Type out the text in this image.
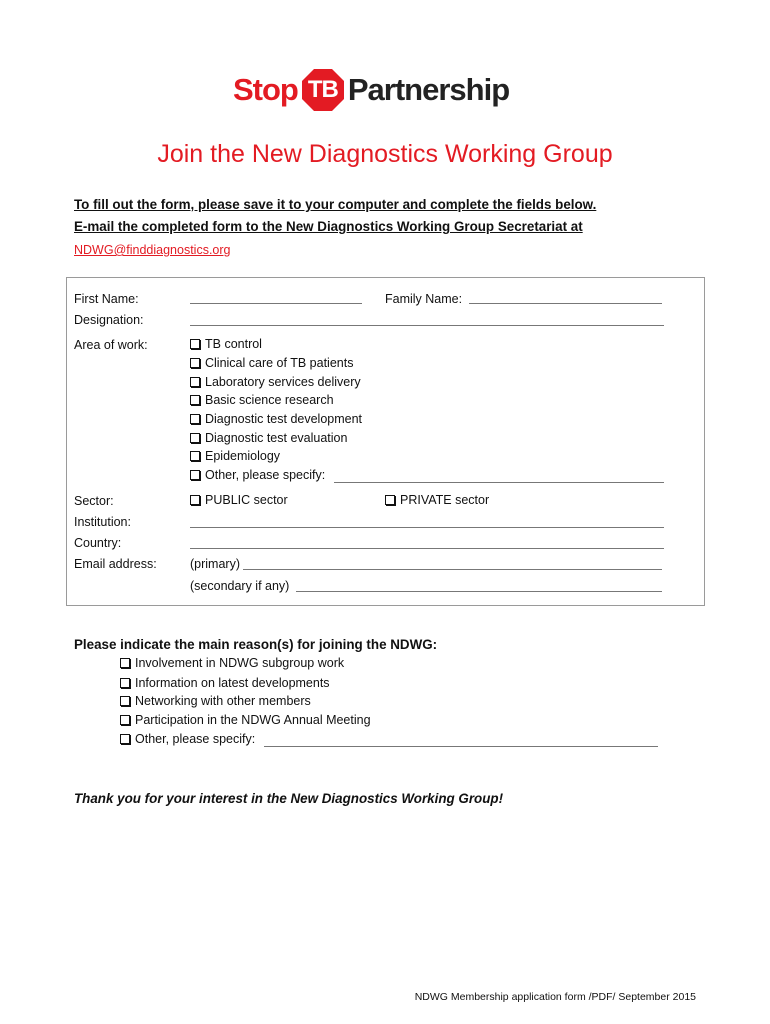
Stop TB Partnership
Join the New Diagnostics Working Group
To fill out the form, please save it to your computer and complete the fields below.
E-mail the completed form to the New Diagnostics Working Group Secretariat at
NDWG@finddiagnostics.org
First Name:	Family Name:
Designation:
Area of work:	TB control
Clinical care of TB patients
Laboratory services delivery
Basic science research
Diagnostic test development
Diagnostic test evaluation
Epidemiology
Other, please specify:
Sector:	PUBLIC sector	PRIVATE sector
Institution:
Country:
Email address:	(primary)
(secondary if any)
Please indicate the main reason(s) for joining the NDWG:
Involvement in NDWG subgroup work
Information on latest developments
Networking with other members
Participation in the NDWG Annual Meeting
Other, please specify:
Thank you for your interest in the New Diagnostics Working Group!
NDWG Membership application form /PDF/ September 2015
